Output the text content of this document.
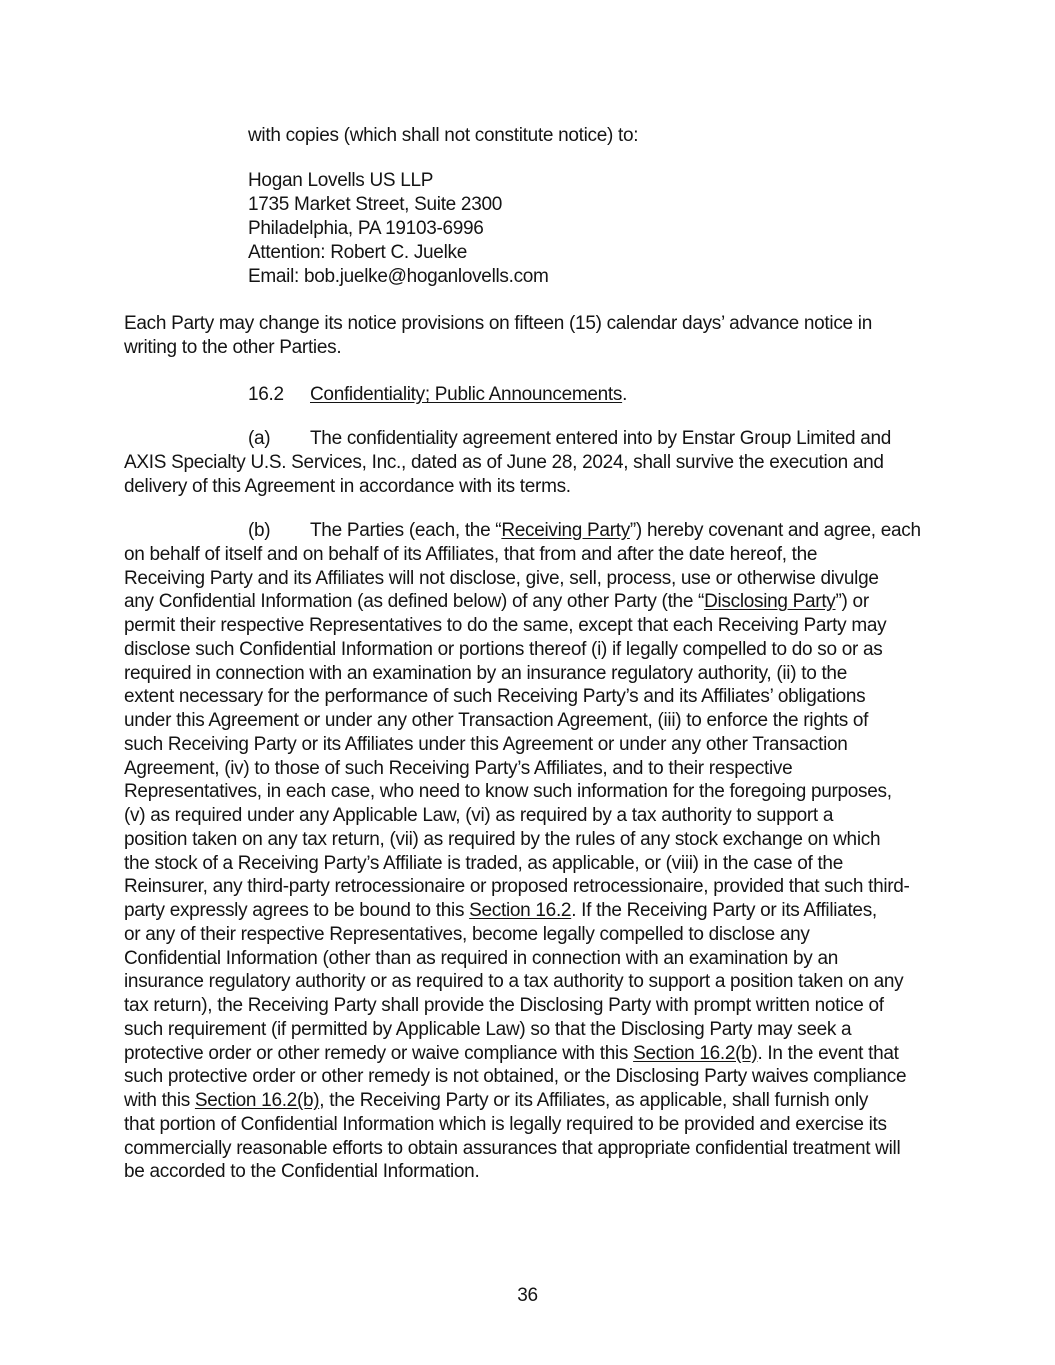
with copies (which shall not constitute notice) to:
Hogan Lovells US LLP
1735 Market Street, Suite 2300
Philadelphia, PA 19103-6996
Attention: Robert C. Juelke
Email: bob.juelke@hoganlovells.com
Each Party may change its notice provisions on fifteen (15) calendar days’ advance notice in
writing to the other Parties.
16.2 Confidentiality; Public Announcements.
(a) The confidentiality agreement entered into by Enstar Group Limited and
AXIS Specialty U.S. Services, Inc., dated as of June 28, 2024, shall survive the execution and
delivery of this Agreement in accordance with its terms.
(b) The Parties (each, the “Receiving Party”) hereby covenant and agree, each
on behalf of itself and on behalf of its Affiliates, that from and after the date hereof, the
Receiving Party and its Affiliates will not disclose, give, sell, process, use or otherwise divulge
any Confidential Information (as defined below) of any other Party (the “Disclosing Party”) or
permit their respective Representatives to do the same, except that each Receiving Party may
disclose such Confidential Information or portions thereof (i) if legally compelled to do so or as
required in connection with an examination by an insurance regulatory authority, (ii) to the
extent necessary for the performance of such Receiving Party’s and its Affiliates’ obligations
under this Agreement or under any other Transaction Agreement, (iii) to enforce the rights of
such Receiving Party or its Affiliates under this Agreement or under any other Transaction
Agreement, (iv) to those of such Receiving Party’s Affiliates, and to their respective
Representatives, in each case, who need to know such information for the foregoing purposes,
(v) as required under any Applicable Law, (vi) as required by a tax authority to support a
position taken on any tax return, (vii) as required by the rules of any stock exchange on which
the stock of a Receiving Party’s Affiliate is traded, as applicable, or (viii) in the case of the
Reinsurer, any third-party retrocessionaire or proposed retrocessionaire, provided that such third-
party expressly agrees to be bound to this Section 16.2. If the Receiving Party or its Affiliates,
or any of their respective Representatives, become legally compelled to disclose any
Confidential Information (other than as required in connection with an examination by an
insurance regulatory authority or as required to a tax authority to support a position taken on any
tax return), the Receiving Party shall provide the Disclosing Party with prompt written notice of
such requirement (if permitted by Applicable Law) so that the Disclosing Party may seek a
protective order or other remedy or waive compliance with this Section 16.2(b). In the event that
such protective order or other remedy is not obtained, or the Disclosing Party waives compliance
with this Section 16.2(b), the Receiving Party or its Affiliates, as applicable, shall furnish only
that portion of Confidential Information which is legally required to be provided and exercise its
commercially reasonable efforts to obtain assurances that appropriate confidential treatment will
be accorded to the Confidential Information.
36
